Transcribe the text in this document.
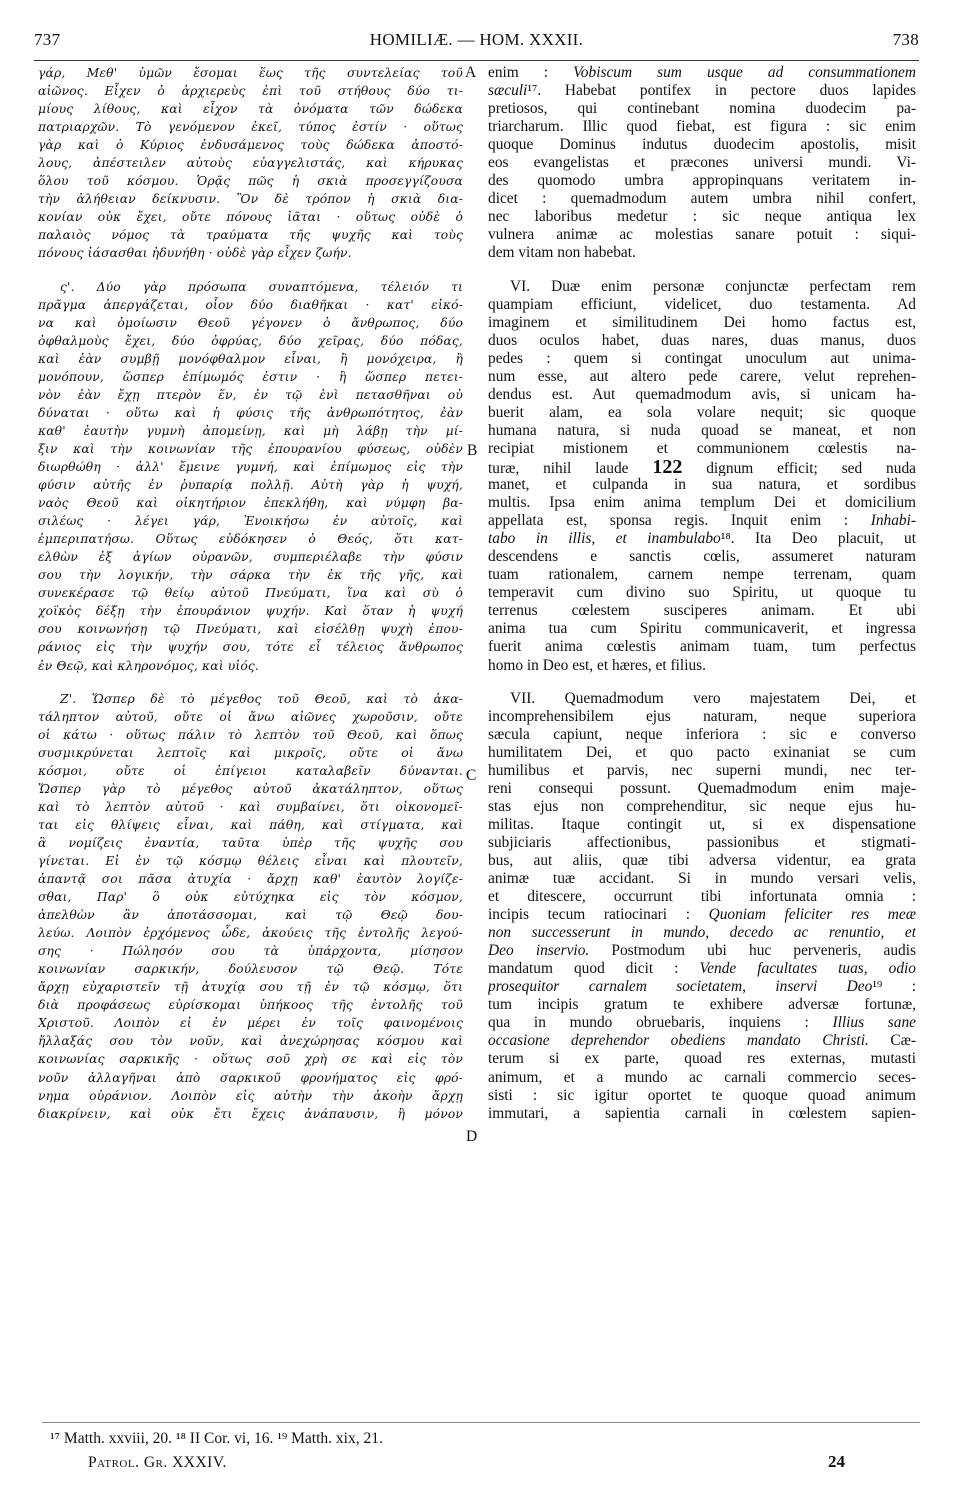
737	HOMILIÆ. — HOM. XXXII.	738
γάρ, Μεθ' ὑμῶν ἔσομαι ἕως τῆς συντελείας τοῦ
αἰῶνος. Εἶχεν ὁ ἀρχιερεὺς ἐπὶ τοῦ στήθους δύο τι-
μίους λίθους, καὶ εἶχον τὰ ὀνόματα τῶν δώδεκα
πατριαρχῶν. Τὸ γενόμενον ἐκεῖ, τύπος ἐστίν · οὕτως
γὰρ καὶ ὁ Κύριος ἐνδυσάμενος τοὺς δώδεκα ἀποστό-
λους, ἀπέστειλεν αὐτοὺς εὐαγγελιστάς, καὶ κήρυκας
ὅλου τοῦ κόσμου. Ὁρᾷς πῶς ἡ σκιὰ προσεγγίζουσα
τὴν ἀλήθειαν δείκνυσιν. Ὃν δὲ τρόπον ἡ σκιὰ δια-
κονίαν οὐκ ἔχει, οὔτε πόνους ἰᾶται · οὕτως οὐδὲ ὁ
παλαιὸς νόμος τὰ τραύματα τῆς ψυχῆς καὶ τοὺς
πόνους ἰάσασθαι ἠδυνήθη · οὐδὲ γὰρ εἶχεν ζωήν.
ς'. Δύο γὰρ πρόσωπα συναπτόμενα, τέλειόν τι
πρᾶγμα ἀπεργάζεται, οἷον δύο διαθῆκαι · κατ' εἰκό-
να καὶ ὁμοίωσιν Θεοῦ γέγονεν ὁ ἄνθρωπος, δύο
ὀφθαλμοὺς ἔχει, δύο ὀφρύας, δύο χεῖρας, δύο πόδας,
καὶ ἐὰν συμβῇ μονόφθαλμον εἶναι, ἢ μονόχειρα, ἢ
μονόπουν, ὥσπερ ἐπίμωμός ἐστιν · ἢ ὥσπερ πετει-
νὸν ἐὰν ἔχῃ πτερὸν ἕν, ἐν τῷ ἑνὶ πετασθῆναι οὐ
δύναται · οὕτω καὶ ἡ φύσις τῆς ἀνθρωπότητος, ἐὰν
καθ' ἑαυτὴν γυμνὴ ἀπομείνῃ, καὶ μὴ λάβῃ τὴν μί-
ξιν καὶ τὴν κοινωνίαν τῆς ἐπουρανίου φύσεως, οὐδὲν
διωρθώθη · ἀλλ' ἔμεινε γυμνή, καὶ ἐπίμωμος εἰς τὴν
φύσιν αὐτῆς ἐν ῥυπαρίᾳ πολλῇ. Αὐτὴ γὰρ ἡ ψυχή,
ναὸς Θεοῦ καὶ οἰκητήριον ἐπεκλήθη, καὶ νύμφη βα-
σιλέως · λέγει γάρ, Ἐνοικήσω ἐν αὐτοῖς, καὶ
ἐμπεριπατήσω. Οὕτως εὐδόκησεν ὁ Θεός, ὅτι κατ-
ελθὼν ἐξ ἁγίων οὐρανῶν, συμπεριέλαβε τὴν φύσιν
σου τὴν λογικήν, τὴν σάρκα τὴν ἐκ τῆς γῆς, καὶ
συνεκέρασε τῷ θείῳ αὐτοῦ Πνεύματι, ἵνα καὶ σὺ ὁ
χοϊκὸς δέξῃ τὴν ἐπουράνιον ψυχήν. Καὶ ὅταν ἡ ψυχή
σου κοινωνήσῃ τῷ Πνεύματι, καὶ εἰσέλθῃ ψυχὴ ἐπου-
ράνιος εἰς τὴν ψυχήν σου, τότε εἶ τέλειος ἄνθρωπος
ἐν Θεῷ, καὶ κληρονόμος, καὶ υἱός.
Ζ'. Ὥσπερ δὲ τὸ μέγεθος τοῦ Θεοῦ, καὶ τὸ ἀκα-
τάληπτον αὐτοῦ, οὔτε οἱ ἄνω αἰῶνες χωροῦσιν, οὔτε
οἱ κάτω · οὕτως πάλιν τὸ λεπτὸν τοῦ Θεοῦ, καὶ ὅπως
συσμικρύνεται λεπτοῖς καὶ μικροῖς, οὔτε οἱ ἄνω
κόσμοι, οὔτε οἱ ἐπίγειοι καταλαβεῖν δύνανται.
Ὥσπερ γὰρ τὸ μέγεθος αὐτοῦ ἀκατάληπτον, οὕτως
καὶ τὸ λεπτὸν αὐτοῦ · καὶ συμβαίνει, ὅτι οἰκονομεῖ-
ται εἰς θλίψεις εἶναι, καὶ πάθη, καὶ στίγματα, καὶ
ἃ νομίζεις ἐναντία, ταῦτα ὑπὲρ τῆς ψυχῆς σου
γίνεται. Εἰ ἐν τῷ κόσμῳ θέλεις εἶναι καὶ πλουτεῖν,
ἀπαντᾷ σοι πᾶσα ἀτυχία · ἄρχῃ καθ' ἑαυτὸν λογίζε-
σθαι, Παρ' ὃ οὐκ εὐτύχηκα εἰς τὸν κόσμον,
ἀπελθὼν ἂν ἀποτάσσομαι, καὶ τῷ Θεῷ δου-
λεύω. Λοιπὸν ἐρχόμενος ὧδε, ἀκούεις τῆς ἐντολῆς λεγού-
σης · Πώλησόν σου τὰ ὑπάρχοντα, μίσησον
κοινωνίαν σαρκικήν, δούλευσον τῷ Θεῷ. Τότε
ἄρχῃ εὐχαριστεῖν τῇ ἀτυχίᾳ σου τῇ ἐν τῷ κόσμῳ, ὅτι
διὰ προφάσεως εὑρίσκομαι ὑπήκοος τῆς ἐντολῆς τοῦ
Χριστοῦ. Λοιπὸν εἰ ἐν μέρει ἐν τοῖς φαινομένοις
ἤλλαξάς σου τὸν νοῦν, καὶ ἀνεχώρησας κόσμου καὶ
κοινωνίας σαρκικῆς · οὕτως σοῦ χρὴ σε καὶ εἰς τὸν
νοῦν ἀλλαγῆναι ἀπὸ σαρκικοῦ φρονήματος εἰς φρό-
νημα οὐράνιον. Λοιπὸν εἰς αὐτὴν τὴν ἀκοὴν ἄρχῃ
διακρίνειν, καὶ οὐκ ἔτι ἔχεις ἀνάπαυσιν, ἢ μόνον
A
B
C
D
enim : Vobiscum sum usque ad consummationem
sæculi¹⁷. Habebat pontifex in pectore duos lapides
pretiosos, qui continebant nomina duodecim pa-
triarcharum. Illic quod fiebat, est figura : sic enim
quoque Dominus indutus duodecim apostolis, misit
eos evangelistas et præcones universi mundi. Vi-
des quomodo umbra appropinquans veritatem in-
dicet : quemadmodum autem umbra nihil confert,
nec laboribus medetur : sic neque antiqua lex
vulnera animæ ac molestias sanare potuit : siqui-
dem vitam non habebat.
VI. Duæ enim personæ conjunctæ perfectam rem
quampiam efficiunt, videlicet, duo testamenta. Ad
imaginem et similitudinem Dei homo factus est,
duos oculos habet, duas nares, duas manus, duos
pedes : quem si contingat unoculum aut unima-
num esse, aut altero pede carere, velut reprehen-
dendus est. Aut quemadmodum avis, si unicam ha-
buerit alam, ea sola volare nequit; sic quoque
humana natura, si nuda quoad se maneat, et non
recipiat mistionem et communionem cœlestis na-
turæ, nihil laude 122 dignum efficit; sed nuda
manet, et culpanda in sua natura, et sordibus
multis. Ipsa enim anima templum Dei et domicilium
appellata est, sponsa regis. Inquit enim : Inhabi-
tabo in illis, et inambulabo¹⁸. Ita Deo placuit, ut
descendens e sanctis cœlis, assumeret naturam
tuam rationalem, carnem nempe terrenam, quam
temperavit cum divino suo Spiritu, ut quoque tu
terrenus cœlestem susciperes animam. Et ubi
anima tua cum Spiritu communicaverit, et ingressa
fuerit anima cœlestis animam tuam, tum perfectus
homo in Deo est, et hæres, et filius.
VII. Quemadmodum vero majestatem Dei, et
incomprehensibilem ejus naturam, neque superiora
sæcula capiunt, neque inferiora : sic e converso
humilitatem Dei, et quo pacto exinaniat se cum
humilibus et parvis, nec superni mundi, nec ter-
reni consequi possunt. Quemadmodum enim maje-
stas ejus non comprehenditur, sic neque ejus hu-
militas. Itaque contingit ut, si ex dispensatione
subjiciaris affectionibus, passionibus et stigmati-
bus, aut aliis, quæ tibi adversa videntur, ea grata
animæ tuæ accidant. Si in mundo versari velis,
et ditescere, occurrunt tibi infortunata omnia :
incipis tecum ratiocinari : Quoniam feliciter res meæ
non successerunt in mundo, decedo ac renuntio, et
Deo inservio. Postmodum ubi huc perveneris, audis
mandatum quod dicit : Vende facultates tuas, odio
prosequitor carnalem societatem, inservi Deo¹⁹ :
tum incipis gratum te exhibere adversæ fortunæ,
qua in mundo obruebaris, inquiens : Illius sane
occasione deprehendor obediens mandato Christi. Cæ-
terum si ex parte, quoad res externas, mutasti
animum, et a mundo ac carnali commercio seces-
sisti : sic igitur oportet te quoque quoad animum
immutari, a sapientia carnali in cœlestem sapien-
¹⁷ Matth. xxviii, 20. ¹⁸ II Cor. vi, 16. ¹⁹ Matth. xix, 21.
Patrol. Gr. XXXIV.	24
